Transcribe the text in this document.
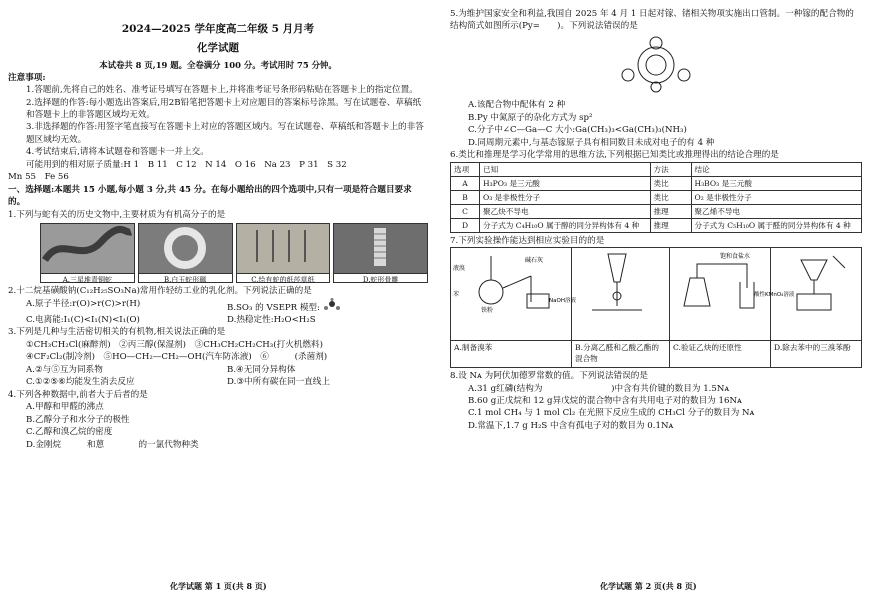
2024—2025 学年度高二年级 5 月月考
化学试题
本试卷共 8 页,19 题。全卷满分 100 分。考试用时 75 分钟。

注意事项:

1.答题前,先将自己的姓名、准考证号填写在答题卡上,并将准考证号条形码粘贴在答题卡上的指定位置。

2.选择题的作答:每小题选出答案后,用2B铅笔把答题卡上对应题目的答案标号涂黑。写在试题卷、草稿纸和答题卡上的非答题区域均无效。

3.非选择题的作答:用签字笔直接写在答题卡上对应的答题区域内。写在试题卷、草稿纸和答题卡上的非答题区域均无效。

4.考试结束后,请将本试题卷和答题卡一并上交。

可能用到的相对原子质量:H 1　B 11　C 12　N 14　O 16　Na 23　P 31　S 32

Mn 55　Fe 56

一、选择题:本题共 15 小题,每小题 3 分,共 45 分。在每小题给出的四个选项中,只有一项是符合题目要求的。

1.下列与蛇有关的历史文物中,主要材质为有机高分子的是

A.三星堆青铜蛇	B.白玉蛇形珮	C.绘有蛇的纸莎草纸	D.蛇形骨雕

2.十二烷基磺酸钠(C₁₂H₂₅SO₃Na)常用作轻纺工业的乳化剂。下列说法正确的是

A.原子半径:r(O)>r(C)>r(H)	B.SO₃ 的 VSEPR 模型:
C.电离能:I₁(C)<I₁(N)<I₁(O)	D.热稳定性:H₂O<H₂S

3.下列是几种与生活密切相关的有机物,相关说法正确的是

①CH₃CH₂Cl(麻醉剂)　②丙三醇(保湿剂)　③CH₃CH₂CH₂CH₃(打火机燃料)

④CF₂Cl₂(制冷剂)　⑤HO—CH₂—CH₂—OH(汽车防冻液)　⑥　　　(杀菌剂)

A.②与⑤互为同系物	B.④无同分异构体
C.①②⑤⑥均能发生消去反应	D.③中所有碳在同一直线上

4.下列各种数据中,前者大于后者的是

A.甲醇和甲醛的沸点

B.乙醇分子和水分子的极性

C.乙醇和溴乙烷的密度

D.金刚烷　　　和蒽　　　　的一氯代物种类

化学试题 第 1 页(共 8 页)

5.为维护国家安全和利益,我国自 2025 年 4 月 1 日起对镓、锗相关物项实施出口管制。一种镓的配合物的结构简式如图所示(Py=　　)。下列说法错误的是

A.该配合物中配体有 2 种

B.Py 中氮原子的杂化方式为 sp²

C.分子中∠C—Ga—C 大小:Ga(CH₃)₃<Ga(CH₃)₃(NH₃)

D.同周期元素中,与基态镓原子具有相同数目未成对电子的有 4 种

6.类比和推理是学习化学常用的思维方法,下列根据已知类比或推理得出的结论合理的是

选项	已知	方法	结论
A	H₃PO₃ 是三元酸	类比	H₃BO₃ 是三元酸
B	O₃ 是非极性分子	类比	O₂ 是非极性分子
C	聚乙炔不导电	推理	聚乙烯不导电
D	分子式为 C₄H₁₀O 属于醇的同分异构体有 4 种	推理	分子式为 C₅H₁₀O 属于醛的同分异构体有 4 种

7.下列实验操作能达到相应实验目的的是

液溴
苯
铁粉
碱石灰
NaOH溶液		饱和食盐水
酸性KMnO₄溶液

A.制备溴苯	B.分离乙醛和乙酸乙酯的混合物	C.验证乙炔的还原性	D.除去苯中的三溴苯酚

8.设 Nᴀ 为阿伏加德罗常数的值。下列说法错误的是

A.31 g红磷(结构为　　　　　　　　)中含有共价键的数目为 1.5Nᴀ

B.60 g正戊烷和 12 g异戊烷的混合物中含有共用电子对的数目为 16Nᴀ

C.1 mol CH₄ 与 1 mol Cl₂ 在光照下反应生成的 CH₃Cl 分子的数目为 Nᴀ

D.常温下,1.7 g H₂S 中含有孤电子对的数目为 0.1Nᴀ

化学试题 第 2 页(共 8 页)
